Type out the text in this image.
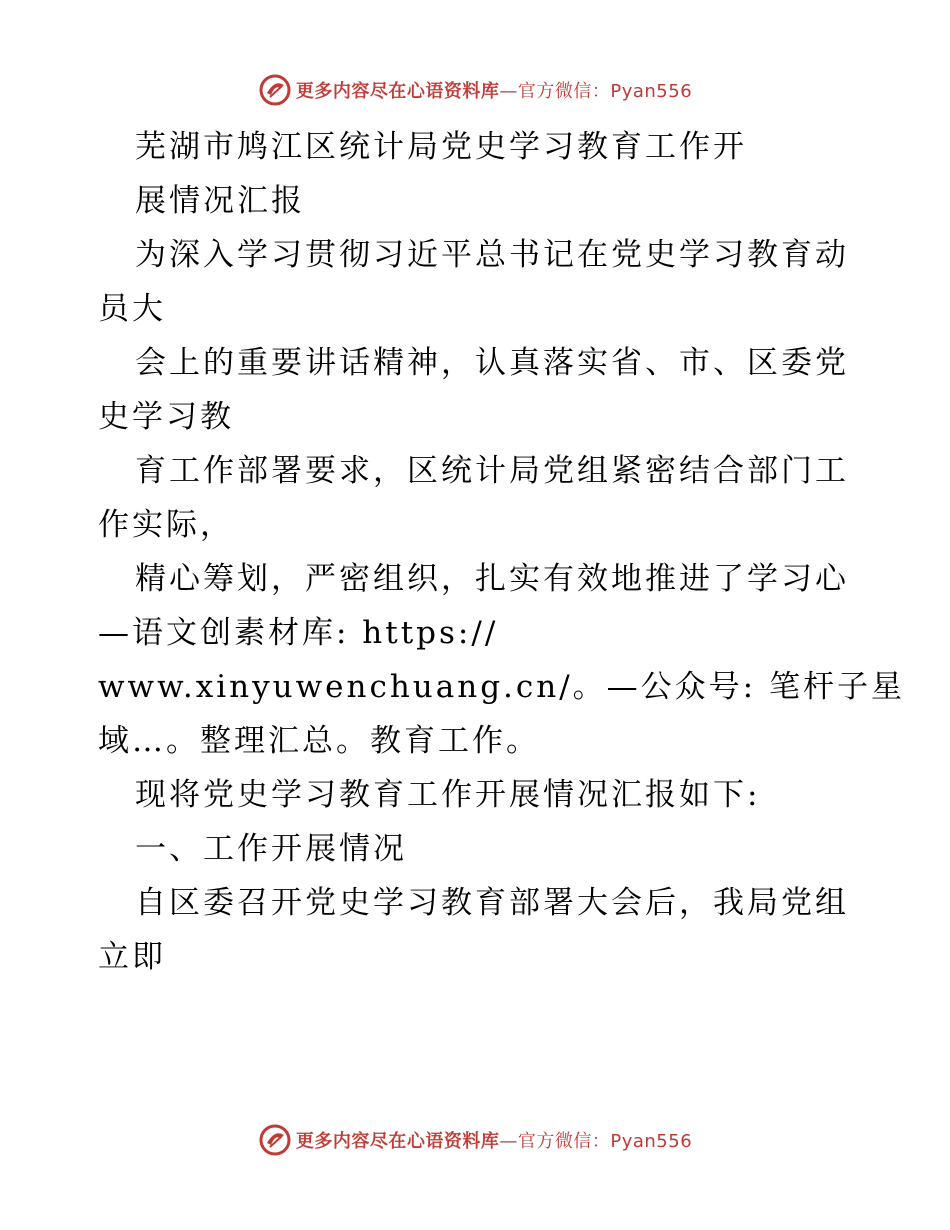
更多内容尽在心语资料库—官方微信：Pyan556
芜湖市鸠江区统计局党史学习教育工作开
展情况汇报
为深入学习贯彻习近平总书记在党史学习教育动
员大
会上的重要讲话精神，认真落实省、市、区委党
史学习教
育工作部署要求，区统计局党组紧密结合部门工
作实际，
精心筹划，严密组织，扎实有效地推进了学习心
—语文创素材库: https://
www.xinyuwenchuang.cn/。—公众号: 笔杆子星
域…。整理汇总。教育工作。
现将党史学习教育工作开展情况汇报如下:
一、工作开展情况
自区委召开党史学习教育部署大会后，我局党组
立即
更多内容尽在心语资料库—官方微信：Pyan556
